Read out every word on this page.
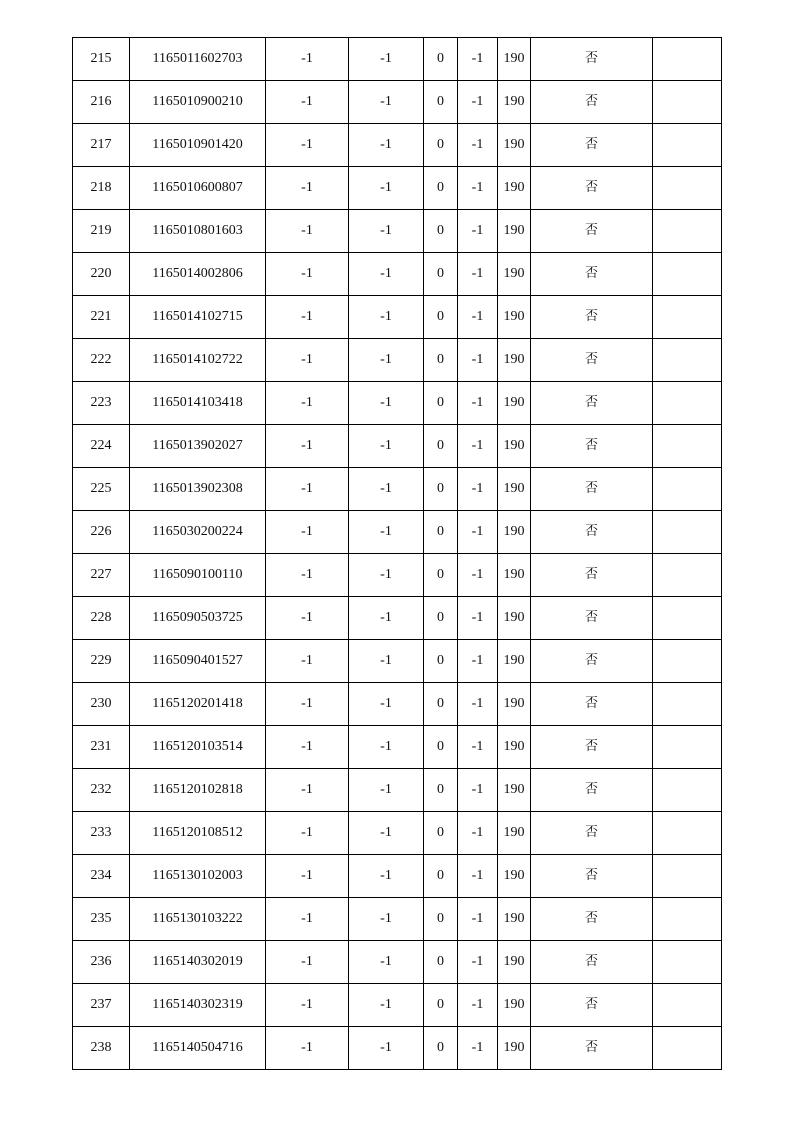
215	1165011602703	-1	-1	0	-1	190	否	
216	1165010900210	-1	-1	0	-1	190	否	
217	1165010901420	-1	-1	0	-1	190	否	
218	1165010600807	-1	-1	0	-1	190	否	
219	1165010801603	-1	-1	0	-1	190	否	
220	1165014002806	-1	-1	0	-1	190	否	
221	1165014102715	-1	-1	0	-1	190	否	
222	1165014102722	-1	-1	0	-1	190	否	
223	1165014103418	-1	-1	0	-1	190	否	
224	1165013902027	-1	-1	0	-1	190	否	
225	1165013902308	-1	-1	0	-1	190	否	
226	1165030200224	-1	-1	0	-1	190	否	
227	1165090100110	-1	-1	0	-1	190	否	
228	1165090503725	-1	-1	0	-1	190	否	
229	1165090401527	-1	-1	0	-1	190	否	
230	1165120201418	-1	-1	0	-1	190	否	
231	1165120103514	-1	-1	0	-1	190	否	
232	1165120102818	-1	-1	0	-1	190	否	
233	1165120108512	-1	-1	0	-1	190	否	
234	1165130102003	-1	-1	0	-1	190	否	
235	1165130103222	-1	-1	0	-1	190	否	
236	1165140302019	-1	-1	0	-1	190	否	
237	1165140302319	-1	-1	0	-1	190	否	
238	1165140504716	-1	-1	0	-1	190	否	
